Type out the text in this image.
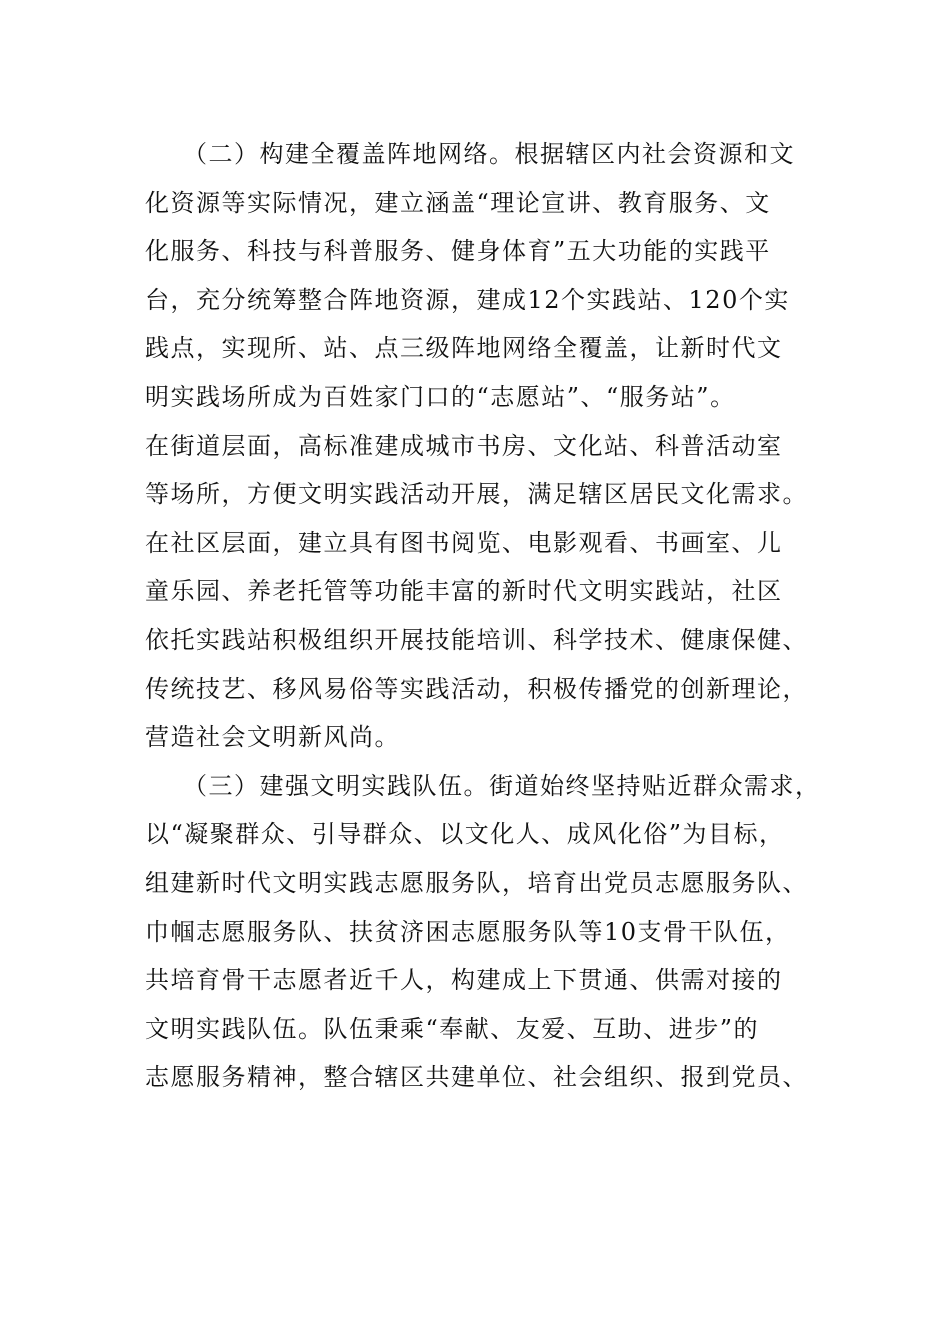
（二）构建全覆盖阵地网络。根据辖区内社会资源和文
化资源等实际情况，建立涵盖“理论宣讲、教育服务、文
化服务、科技与科普服务、健身体育”五大功能的实践平
台，充分统筹整合阵地资源，建成12个实践站、120个实
践点，实现所、站、点三级阵地网络全覆盖，让新时代文
明实践场所成为百姓家门口的“志愿站”、“服务站”。
在街道层面，高标准建成城市书房、文化站、科普活动室
等场所，方便文明实践活动开展，满足辖区居民文化需求。
在社区层面，建立具有图书阅览、电影观看、书画室、儿
童乐园、养老托管等功能丰富的新时代文明实践站，社区
依托实践站积极组织开展技能培训、科学技术、健康保健、
传统技艺、移风易俗等实践活动，积极传播党的创新理论，
营造社会文明新风尚。
（三）建强文明实践队伍。街道始终坚持贴近群众需求，
以“凝聚群众、引导群众、以文化人、成风化俗”为目标，
组建新时代文明实践志愿服务队，培育出党员志愿服务队、
巾帼志愿服务队、扶贫济困志愿服务队等10支骨干队伍，
共培育骨干志愿者近千人，构建成上下贯通、供需对接的
文明实践队伍。队伍秉乘“奉献、友爱、互助、进步”的
志愿服务精神，整合辖区共建单位、社会组织、报到党员、
